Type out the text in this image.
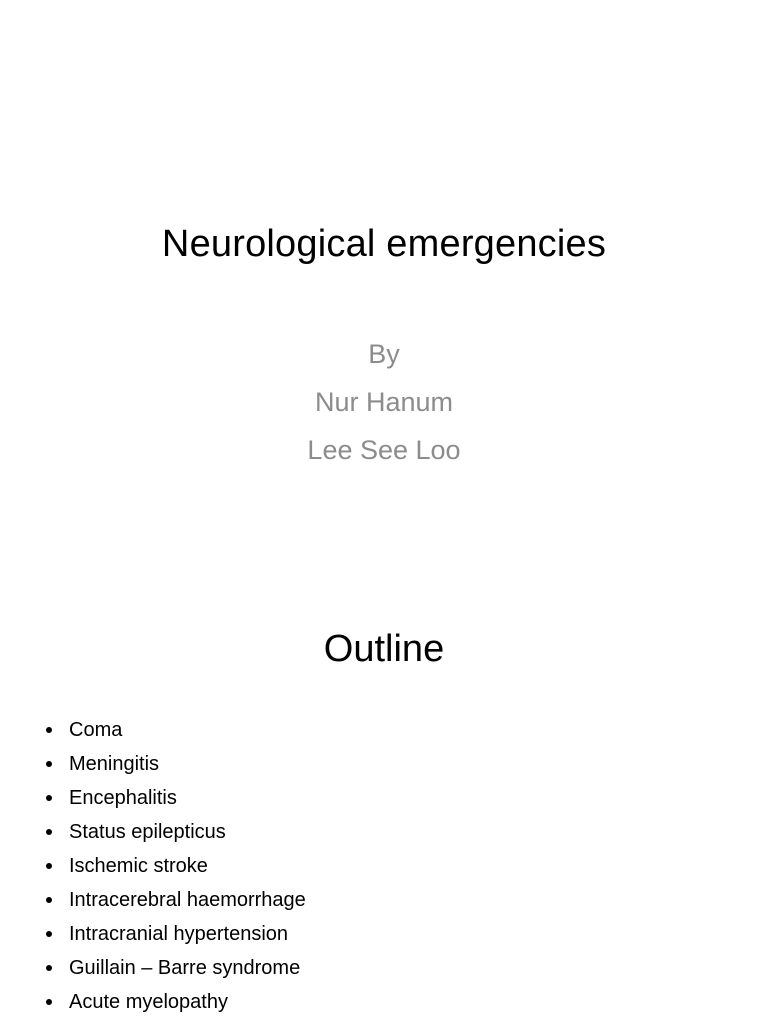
Neurological emergencies
By
Nur Hanum
Lee See Loo
Outline
Coma
Meningitis
Encephalitis
Status epilepticus
Ischemic stroke
Intracerebral haemorrhage
Intracranial hypertension
Guillain – Barre syndrome
Acute myelopathy
